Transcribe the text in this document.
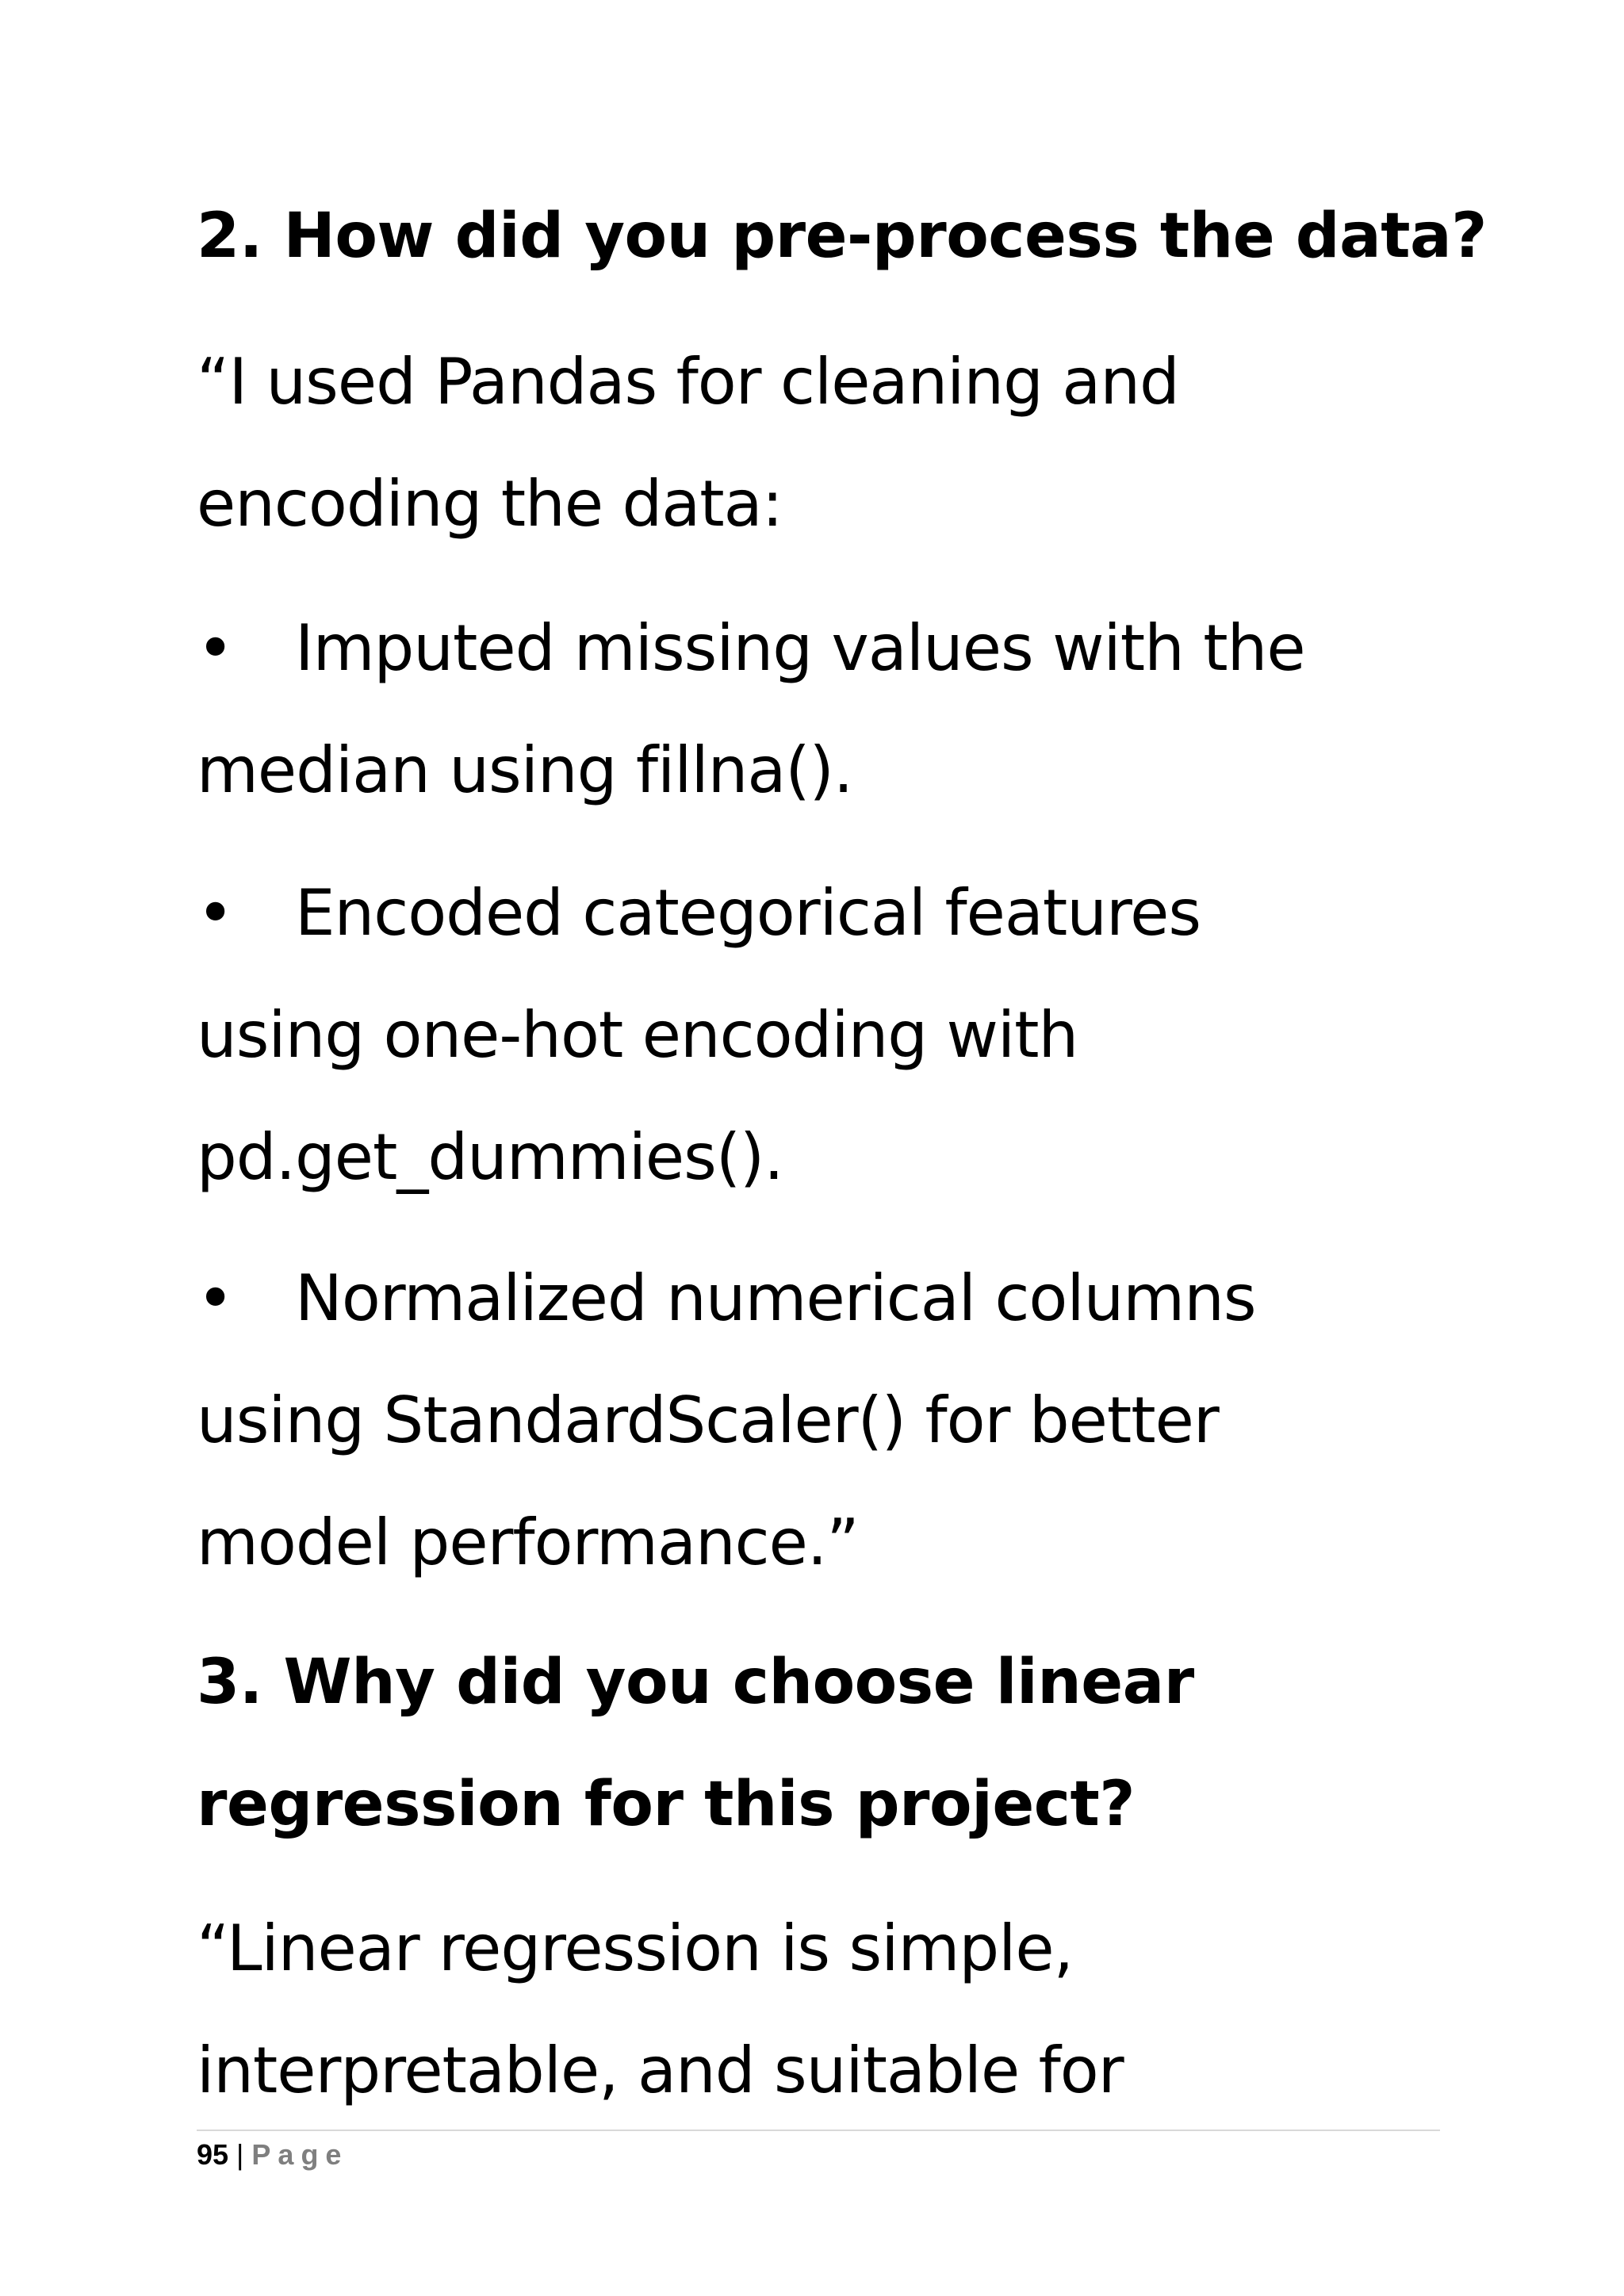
2. How did you pre-process the data?

“I used Pandas for cleaning and

encoding the data:

• Imputed missing values with the

median using fillna().

• Encoded categorical features

using one-hot encoding with

pd.get_dummies().

• Normalized numerical columns

using StandardScaler() for better

model performance.”

3. Why did you choose linear
regression for this project?

“Linear regression is simple,

interpretable, and suitable for

95 | Page
